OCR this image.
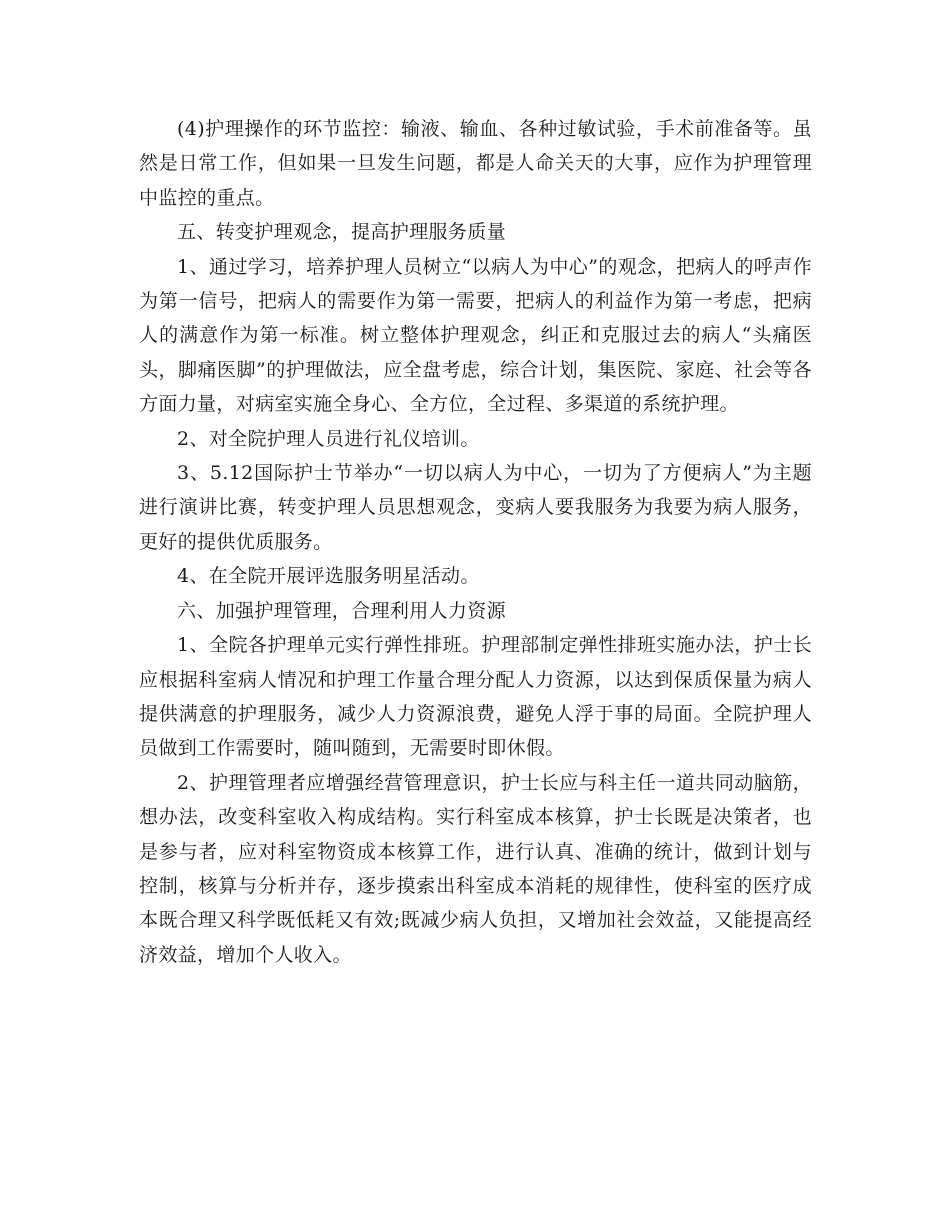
(4)护理操作的环节监控：输液、输血、各种过敏试验，手术前准备等。虽然是日常工作，但如果一旦发生问题，都是人命关天的大事，应作为护理管理中监控的重点。

五、转变护理观念，提高护理服务质量

1、通过学习，培养护理人员树立“以病人为中心”的观念，把病人的呼声作为第一信号，把病人的需要作为第一需要，把病人的利益作为第一考虑，把病人的满意作为第一标准。树立整体护理观念，纠正和克服过去的病人“头痛医头，脚痛医脚”的护理做法，应全盘考虑，综合计划，集医院、家庭、社会等各方面力量，对病室实施全身心、全方位，全过程、多渠道的系统护理。

2、对全院护理人员进行礼仪培训。

3、5.12国际护士节举办“一切以病人为中心，一切为了方便病人”为主题进行演讲比赛，转变护理人员思想观念，变病人要我服务为我要为病人服务，更好的提供优质服务。

4、在全院开展评选服务明星活动。

六、加强护理管理，合理利用人力资源

1、全院各护理单元实行弹性排班。护理部制定弹性排班实施办法，护士长应根据科室病人情况和护理工作量合理分配人力资源，以达到保质保量为病人提供满意的护理服务，减少人力资源浪费，避免人浮于事的局面。全院护理人员做到工作需要时，随叫随到，无需要时即休假。

2、护理管理者应增强经营管理意识，护士长应与科主任一道共同动脑筋，想办法，改变科室收入构成结构。实行科室成本核算，护士长既是决策者，也是参与者，应对科室物资成本核算工作，进行认真、准确的统计，做到计划与控制，核算与分析并存，逐步摸索出科室成本消耗的规律性，使科室的医疗成本既合理又科学既低耗又有效;既减少病人负担，又增加社会效益，又能提高经济效益，增加个人收入。
